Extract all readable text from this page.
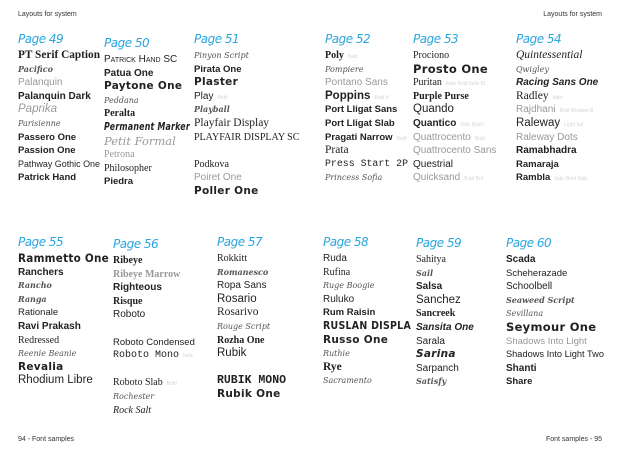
Layouts for system	Layouts for system
94 - Font samples	Font samples - 95
Page 49
PT Serif Caption
Pacifico
Palanquin
Palanquin Dark
Paprika
Parisienne
Passero One
Passion One
Pathway Gothic One
Patrick Hand
Page 50
Patrick Hand SC
Patua One
Paytone One
Peddana
Peralta
Permanent Marker
Petit Formal
Petrona
Philosopher
Piedra
Page 51
Pinyon Script
Pirata One
Plaster
Play Bold
Playball
Playfair Display
PLAYFAIR DISPLAY SC
Podkova
Poiret One
Poller One
Page 52
Poly Italic
Pompiere
Pontano Sans
Poppins Bold It
Port Lligat Sans
Port Lligat Slab
Pragati Narrow Bold
Prata
Press Start 2P
Princess Sofia
Page 53
Prociono
Prosto One
Puritan Italic Bold Italic Bi
Purple Purse
Quando
Quantico Italic Bold I
Quattrocento Bold
Quattrocento Sans
Questrial
Quicksand Bold Bol
Page 54
Quintessential
Qwigley
Racing Sans One
Radley Italic
Rajdhani Bold Medium B
Raleway Light Ital
Raleway Dots
Ramabhadra
Ramaraja
Rambla Italic Bold Italic
Page 55
Rammetto One
Ranchers
Rancho
Ranga
Rationale
Ravi Prakash
Redressed
Reenie Beanie
Revalia
Rhodium Libre
Page 56
Ribeye
Ribeye Marrow
Righteous
Risque
Roboto
Roboto Condensed
Roboto Mono Italic
Roboto Slab Bold
Rochester
Rock Salt
Page 57
Rokkitt
Romanesco
Ropa Sans
Rosario
Rosarivo
Rouge Script
Rozha One
Rubik
RUBIK MONO
Rubik One
Page 58
Ruda
Rufina
Ruge Boogie
Ruluko
Rum Raisin
RUSLAN DISPLA
Russo One
Ruthie
Rye
Sacramento
Page 59
Sahitya
Sail
Salsa
Sanchez
Sancreek
Sansita One
Sarala
Sarina
Sarpanch
Satisfy
Page 60
Scada
Scheherazade
Schoolbell
Seaweed Script
Sevillana
Seymour One
Shadows Into Light
Shadows Into Light Two
Shanti
Share
